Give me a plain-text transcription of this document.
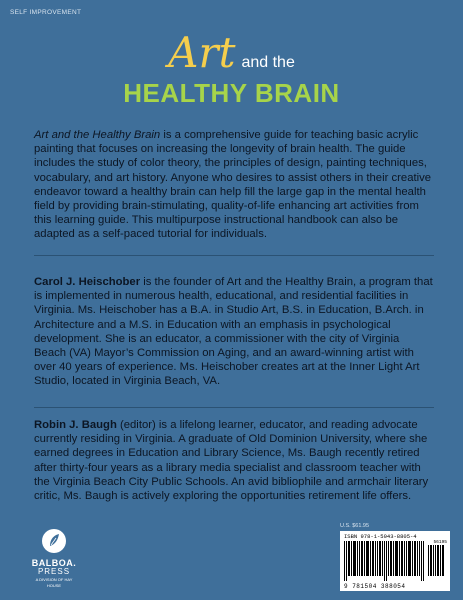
SELF IMPROVEMENT
Art and the
HEALTHY BRAIN

Art and the Healthy Brain is a comprehensive guide for teaching basic acrylic painting that focuses on increasing the longevity of brain health. The guide includes the study of color theory, the principles of design, painting techniques, vocabulary, and art history. Anyone who desires to assist others in their creative endeavor toward a healthy brain can help fill the large gap in the mental health field by providing brain-stimulating, quality-of-life enhancing art activities from this learning guide. This multipurpose instructional handbook can also be adapted as a self-paced tutorial for individuals.

Carol J. Heischober is the founder of Art and the Healthy Brain, a program that is implemented in numerous health, educational, and residential facilities in Virginia. Ms. Heischober has a B.A. in Studio Art, B.S. in Education, B.Arch. in Architecture and a M.S. in Education with an emphasis in psychological development. She is an educator, a commissioner with the city of Virginia Beach (VA) Mayor’s Commission on Aging, and an award-winning artist with over 40 years of experience. Ms. Heischober creates art at the Inner Light Art Studio, located in Virginia Beach, VA.

Robin J. Baugh (editor) is a lifelong learner, educator, and reading advocate currently residing in Virginia. A graduate of Old Dominion University, where she earned degrees in Education and Library Science, Ms. Baugh recently retired after thirty-four years as a library media specialist and classroom teacher with the Virginia Beach City Public Schools. An avid bibliophile and armchair literary critic, Ms. Baugh is actively exploring the opportunities retirement life offers.

BALBOA.
PRESS
A DIVISION OF HAY HOUSE
U.S. $61.95
ISBN 978-1-5043-8805-4
56195
9 781504 388054
